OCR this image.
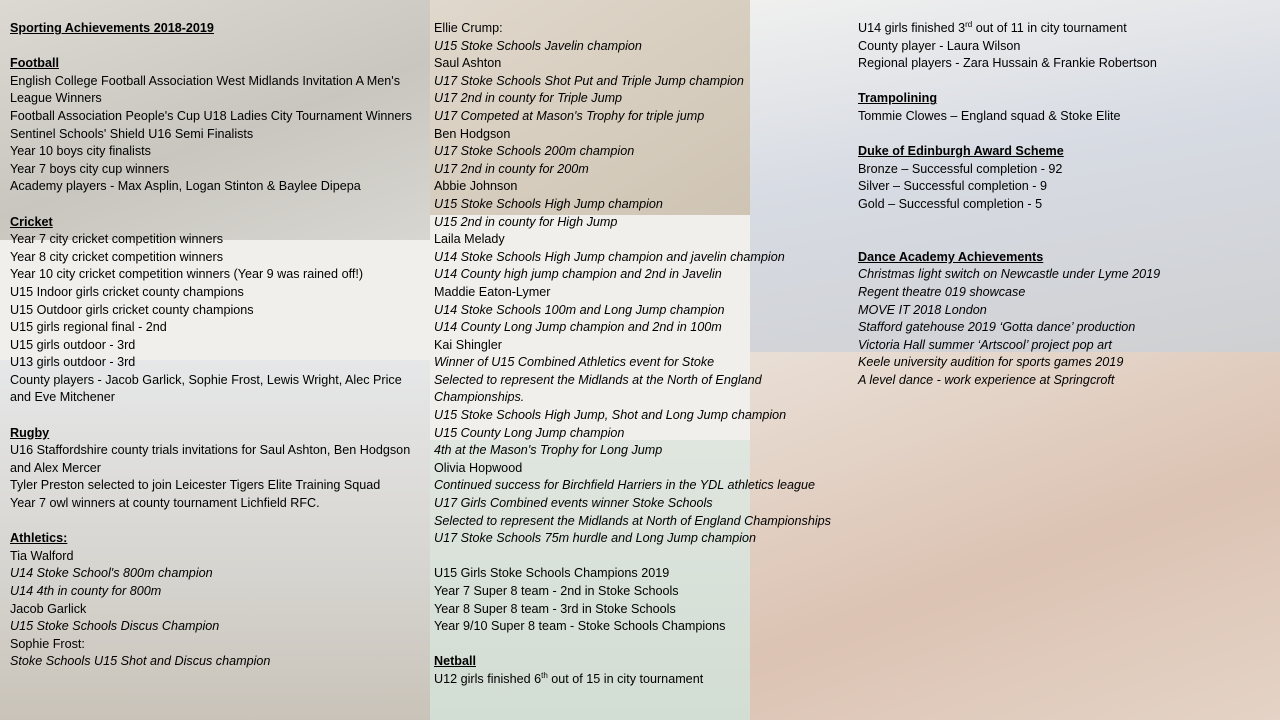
Sporting Achievements 2018-2019
Football
English College Football Association West Midlands Invitation A Men's League Winners
Football Association People's Cup U18 Ladies City Tournament Winners
Sentinel Schools' Shield U16 Semi Finalists
Year 10 boys city finalists
Year 7 boys city cup winners
Academy players - Max Asplin, Logan Stinton & Baylee Dipepa
Cricket
Year 7 city cricket competition winners
Year 8 city cricket competition winners
Year 10 city cricket competition winners (Year 9 was rained off!)
U15 Indoor girls cricket county champions
U15 Outdoor girls cricket county champions
U15 girls regional final - 2nd
U15 girls outdoor - 3rd
U13 girls outdoor - 3rd
County players - Jacob Garlick, Sophie Frost, Lewis Wright, Alec Price and Eve Mitchener
Rugby
U16 Staffordshire county trials invitations for Saul Ashton, Ben Hodgson and Alex Mercer
Tyler Preston selected to join Leicester Tigers Elite Training Squad
Year 7 owl winners at county tournament Lichfield RFC.
Athletics:
Tia Walford
U14 Stoke School's 800m champion
U14 4th in county for 800m
Jacob Garlick
U15 Stoke Schools Discus Champion
Sophie Frost:
Stoke Schools U15 Shot and Discus champion
Ellie Crump:
U15 Stoke Schools Javelin champion
Saul Ashton
U17 Stoke Schools Shot Put and Triple Jump champion
U17 2nd in county for Triple Jump
U17 Competed at Mason's Trophy for triple jump
Ben Hodgson
U17 Stoke Schools 200m champion
U17 2nd in county for 200m
Abbie Johnson
U15 Stoke Schools High Jump champion
U15 2nd in county for High Jump
Laila Melady
U14 Stoke Schools High Jump champion and javelin champion
U14 County high jump champion and 2nd in Javelin
Maddie Eaton-Lymer
U14 Stoke Schools 100m and Long Jump champion
U14 County Long Jump champion and 2nd in 100m
Kai Shingler
Winner of U15 Combined Athletics event for Stoke
Selected to represent the Midlands at the North of England Championships.
U15 Stoke Schools High Jump, Shot and Long Jump champion
U15 County Long Jump champion
4th at the Mason's Trophy for Long Jump
Olivia Hopwood
Continued success for Birchfield Harriers in the YDL athletics league
U17 Girls Combined events winner Stoke Schools
Selected to represent the Midlands at North of England Championships
U17 Stoke Schools 75m hurdle and Long Jump champion
U15 Girls Stoke Schools Champions 2019
Year 7 Super 8 team - 2nd in Stoke Schools
Year 8 Super 8 team - 3rd in Stoke Schools
Year 9/10 Super 8 team - Stoke Schools Champions
Netball
U12 girls finished 6th out of 15 in city tournament
U14 girls finished 3rd out of 11 in city tournament
County player - Laura Wilson
Regional players - Zara Hussain & Frankie Robertson
Trampolining
Tommie Clowes – England squad & Stoke Elite
Duke of Edinburgh Award Scheme
Bronze – Successful completion - 92
Silver – Successful completion - 9
Gold – Successful completion - 5
Dance Academy Achievements
Christmas light switch on Newcastle under Lyme 2019
Regent theatre 019 showcase
MOVE IT 2018 London
Stafford gatehouse 2019 ‘Gotta dance’ production
Victoria Hall summer ‘Artscool’ project pop art
Keele university audition for sports games 2019
A level dance - work experience at Springcroft
